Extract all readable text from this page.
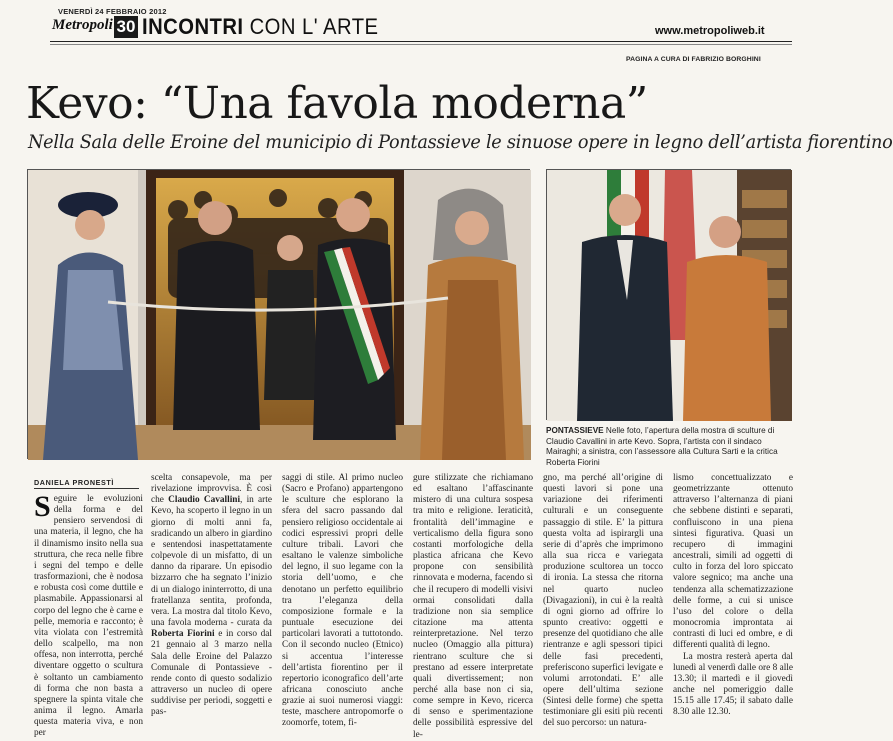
VENERDÌ 24 FEBBRAIO 2012
Metropoli 30 INCONTRI CON L' ARTE	www.metropoliweb.it
PAGINA A CURA DI FABRIZIO BORGHINI
Kevo: “Una favola moderna”
Nella Sala delle Eroine del municipio di Pontassieve le sinuose opere in legno dell’artista fiorentino
PONTASSIEVE Nelle foto, l’apertura della mostra di sculture di Claudio Cavallini in arte Kevo. Sopra, l’artista con il sindaco Mairaghi; a sinistra, con l’assessore alla Cultura Sarti e la critica Roberta Fiorini
DANIELA PRONESTÌ
Seguire le evoluzioni della forma e del pensiero servendosi di una materia, il legno, che ha il dinamismo insito nella sua struttura, che reca nelle fibre i segni del tempo e delle trasformazioni, che è nodosa e robusta così come duttile e plasmabile. Appassionarsi al corpo del legno che è carne e pelle, memoria e racconto; è vita violata con l’estremità dello scalpello, ma non offesa, non interrotta, perché diventare oggetto o scultura è soltanto un cambiamento di forma che non basta a spegnere la spinta vitale che anima il legno. Amarla questa materia viva, e non per
scelta consapevole, ma per rivelazione improvvisa. È così che Claudio Cavallini, in arte Kevo, ha scoperto il legno in un giorno di molti anni fa, sradicando un albero in giardino e sentendosi inaspettatamente colpevole di un misfatto, di un danno da riparare. Un episodio bizzarro che ha segnato l’inizio di un dialogo ininterrotto, di una fratellanza sentita, profonda, vera. La mostra dal titolo Kevo, una favola moderna - curata da Roberta Fiorini e in corso dal 21 gennaio al 3 marzo nella Sala delle Eroine del Palazzo Comunale di Pontassieve - rende conto di questo sodalizio attraverso un nucleo di opere suddivise per periodi, soggetti e pas-
saggi di stile. Al primo nucleo (Sacro e Profano) appartengono le sculture che esplorano la sfera del sacro passando dal pensiero religioso occidentale ai codici espressivi propri delle culture tribali. Lavori che esaltano le valenze simboliche del legno, il suo legame con la storia dell’uomo, e che denotano un perfetto equilibrio tra l’eleganza della composizione formale e la puntuale esecuzione dei particolari lavorati a tuttotondo. Con il secondo nucleo (Etnico) si accentua l’interesse dell’artista fiorentino per il repertorio iconografico dell’arte africana conosciuto anche grazie ai suoi numerosi viaggi: teste, maschere antropomorfe o zoomorfe, totem, fi-
gure stilizzate che richiamano ed esaltano l’affascinante mistero di una cultura sospesa tra mito e religione. Ieraticità, frontalità dell’immagine e verticalismo della figura sono costanti morfologiche della plastica africana che Kevo propone con sensibilità rinnovata e moderna, facendo sì che il recupero di modelli visivi ormai consolidati dalla tradizione non sia semplice citazione ma attenta reinterpretazione. Nel terzo nucleo (Omaggio alla pittura) rientrano sculture che si prestano ad essere interpretate quali divertissement; non perché alla base non ci sia, come sempre in Kevo, ricerca di senso e sperimentazione delle possibilità espressive del le-
gno, ma perché all’origine di questi lavori si pone una variazione dei riferimenti culturali e un conseguente passaggio di stile. E’ la pittura questa volta ad ispirargli una serie di d’après che imprimono alla sua ricca e variegata produzione scultorea un tocco di ironia. La stessa che ritorna nel quarto nucleo (Divagazioni), in cui è la realtà di ogni giorno ad offrire lo spunto creativo: oggetti e presenze del quotidiano che alle rientranze e agli spessori tipici delle fasi precedenti, preferiscono superfici levigate e volumi arrotondati. E’ alle opere dell’ultima sezione (Sintesi delle forme) che spetta testimoniare gli esiti più recenti del suo percorso: un natura-
lismo concettualizzato e geometrizzante ottenuto attraverso l’alternanza di piani che sebbene distinti e separati, confluiscono in una piena sintesi figurativa. Quasi un recupero di immagini ancestrali, simili ad oggetti di culto in forza del loro spiccato valore segnico; ma anche una tendenza alla schematizzazione delle forme, a cui si unisce l’uso del colore o della monocromia improntata ai contrasti di luci ed ombre, e di differenti qualità di legno.
La mostra resterà aperta dal lunedì al venerdì dalle ore 8 alle 13.30; il martedì e il giovedì anche nel pomeriggio dalle 15.15 alle 17.45; il sabato dalle 8.30 alle 12.30.
